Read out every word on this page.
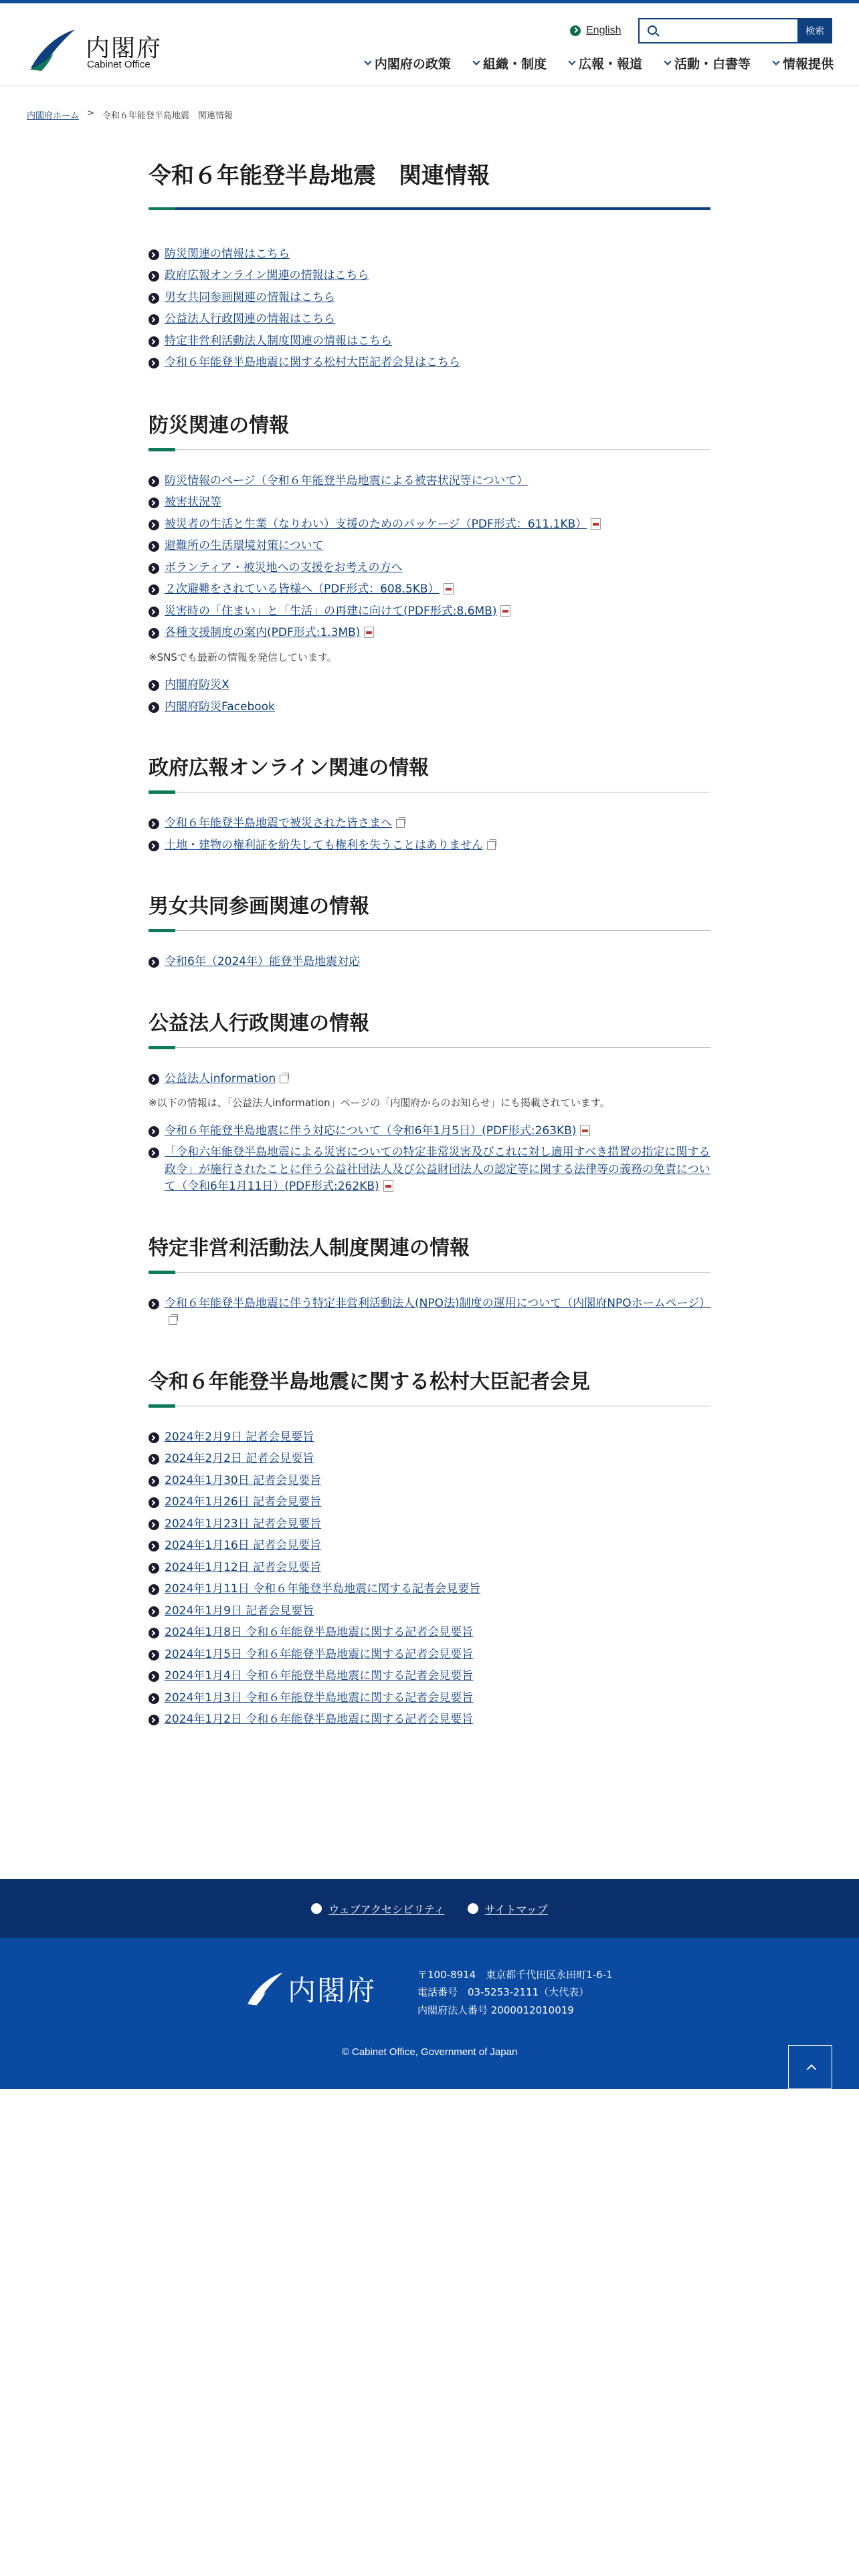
内閣府
Cabinet Office
English	検索
内閣府の政策	組織・制度	広報・報道	活動・白書等	情報提供
内閣府ホーム > 令和６年能登半島地震　関連情報
令和６年能登半島地震　関連情報
防災関連の情報はこちら
政府広報オンライン関連の情報はこちら
男女共同参画関連の情報はこちら
公益法人行政関連の情報はこちら
特定非営利活動法人制度関連の情報はこちら
令和６年能登半島地震に関する松村大臣記者会見はこちら
防災関連の情報
防災情報のページ（令和６年能登半島地震による被害状況等について）
被害状況等
被災者の生活と生業（なりわい）支援のためのパッケージ（PDF形式：611.1KB）
避難所の生活環境対策について
ボランティア・被災地への支援をお考えの方へ
２次避難をされている皆様へ（PDF形式：608.5KB）
災害時の「住まい」と「生活」の再建に向けて(PDF形式:8.6MB)
各種支援制度の案内(PDF形式:1.3MB)

※SNSでも最新の情報を発信しています。

内閣府防災X
内閣府防災Facebook
政府広報オンライン関連の情報
令和６年能登半島地震で被災された皆さまへ
土地・建物の権利証を紛失しても権利を失うことはありません
男女共同参画関連の情報
令和6年（2024年）能登半島地震対応
公益法人行政関連の情報
公益法人information

※以下の情報は、「公益法人information」ページの「内閣府からのお知らせ」にも掲載されています。

令和６年能登半島地震に伴う対応について（令和6年1月5日）(PDF形式:263KB)
「令和六年能登半島地震による災害についての特定非常災害及びこれに対し適用すべき措置の指定に関する政令」が施行されたことに伴う公益社団法人及び公益財団法人の認定等に関する法律等の義務の免責について（令和6年1月11日）(PDF形式:262KB)
特定非営利活動法人制度関連の情報
令和６年能登半島地震に伴う特定非営利活動法人(NPO法)制度の運用について（内閣府NPOホームページ）
令和６年能登半島地震に関する松村大臣記者会見
2024年2月9日 記者会見要旨
2024年2月2日 記者会見要旨
2024年1月30日 記者会見要旨
2024年1月26日 記者会見要旨
2024年1月23日 記者会見要旨
2024年1月16日 記者会見要旨
2024年1月12日 記者会見要旨
2024年1月11日 令和６年能登半島地震に関する記者会見要旨
2024年1月9日 記者会見要旨
2024年1月8日 令和６年能登半島地震に関する記者会見要旨
2024年1月5日 令和６年能登半島地震に関する記者会見要旨
2024年1月4日 令和６年能登半島地震に関する記者会見要旨
2024年1月3日 令和６年能登半島地震に関する記者会見要旨
2024年1月2日 令和６年能登半島地震に関する記者会見要旨
ウェブアクセシビリティ	サイトマップ
内閣府	〒100-8914　東京都千代田区永田町1-6-1
電話番号　03-5253-2111（大代表）
内閣府法人番号 2000012010019
© Cabinet Office, Government of Japan
